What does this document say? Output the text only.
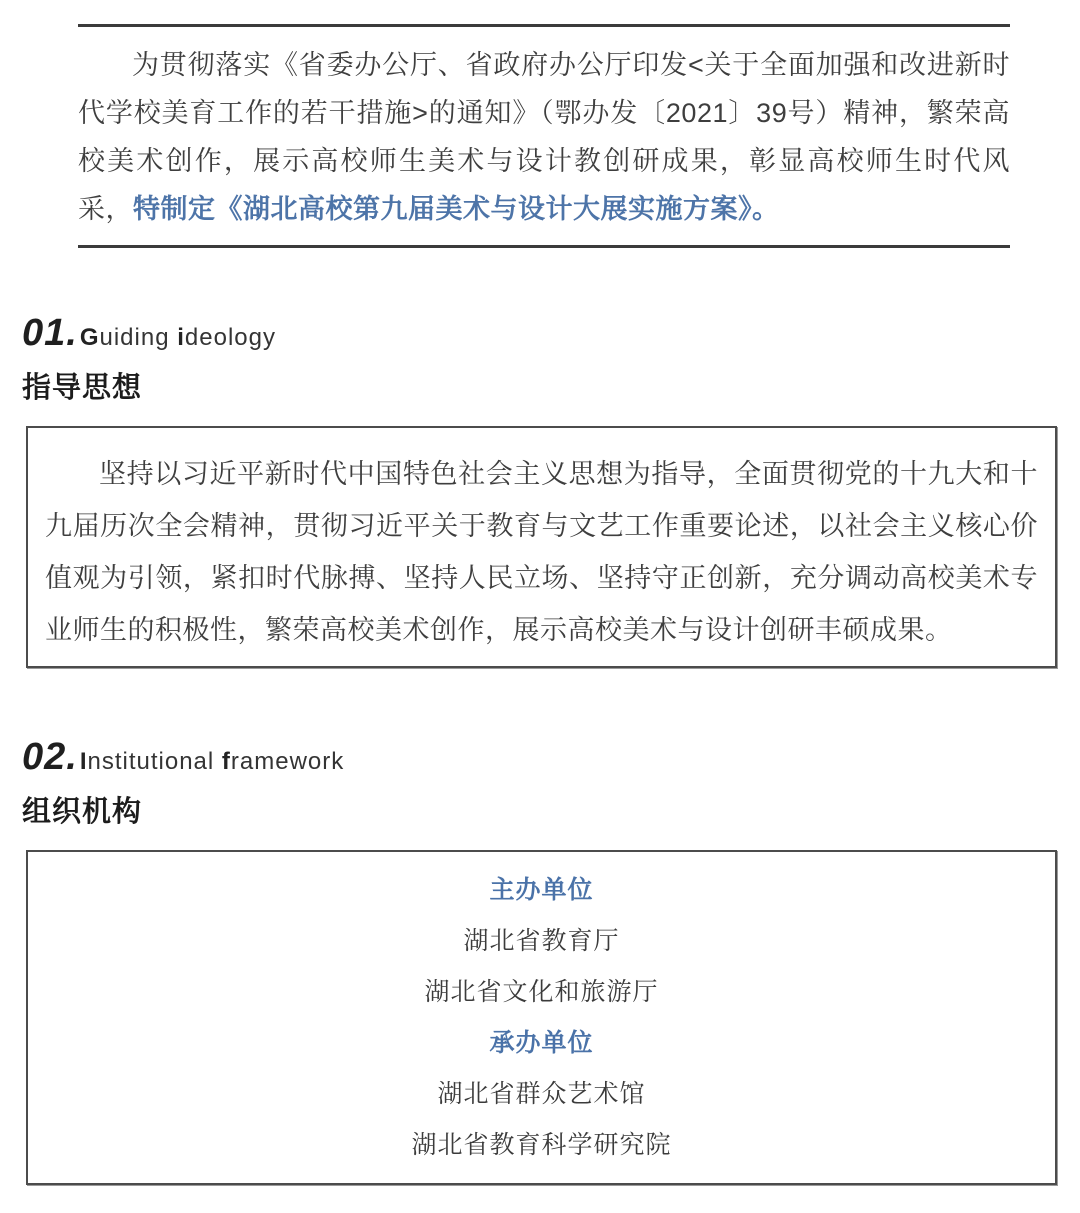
为贯彻落实《省委办公厅、省政府办公厅印发<关于全面加强和改进新时代学校美育工作的若干措施>的通知》（鄂办发〔2021〕39号）精神，繁荣高校美术创作，展示高校师生美术与设计教创研成果，彰显高校师生时代风采，特制定《湖北高校第九届美术与设计大展实施方案》。

01. Guiding ideology
指导思想

坚持以习近平新时代中国特色社会主义思想为指导，全面贯彻党的十九大和十九届历次全会精神，贯彻习近平关于教育与文艺工作重要论述，以社会主义核心价值观为引领，紧扣时代脉搏、坚持人民立场、坚持守正创新，充分调动高校美术专业师生的积极性，繁荣高校美术创作，展示高校美术与设计创研丰硕成果。

02. Institutional framework
组织机构
主办单位
湖北省教育厅
湖北省文化和旅游厅
承办单位
湖北省群众艺术馆
湖北省教育科学研究院
